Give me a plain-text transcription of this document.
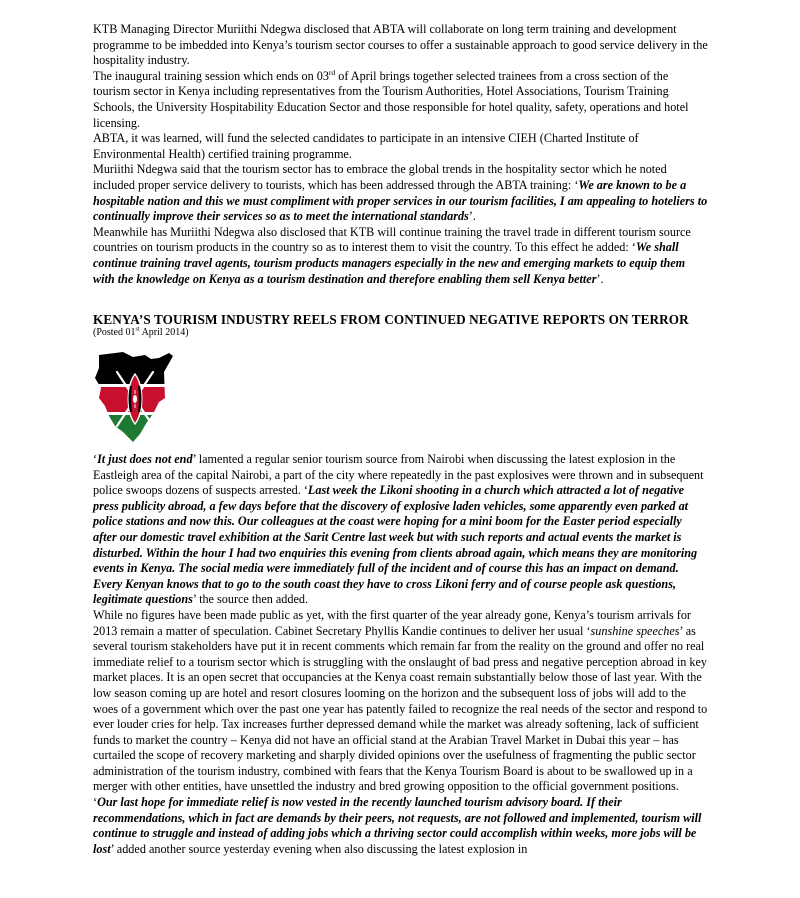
KTB Managing Director Muriithi Ndegwa disclosed that ABTA will collaborate on long term training and development programme to be imbedded into Kenya’s tourism sector courses to offer a sustainable approach to good service delivery in the hospitality industry.

The inaugural training session which ends on 03rd of April brings together selected trainees from a cross section of the tourism sector in Kenya including representatives from the Tourism Authorities, Hotel Associations, Tourism Training Schools, the University Hospitability Education Sector and those responsible for hotel quality, safety, operations and hotel licensing.

ABTA, it was learned, will fund the selected candidates to participate in an intensive CIEH (Charted Institute of Environmental Health) certified training programme.

Muriithi Ndegwa said that the tourism sector has to embrace the global trends in the hospitality sector which he noted included proper service delivery to tourists, which has been addressed through the ABTA training: ‘We are known to be a hospitable nation and this we must compliment with proper services in our tourism facilities, I am appealing to hoteliers to continually improve their services so as to meet the international standards’.

Meanwhile has Muriithi Ndegwa also disclosed that KTB will continue training the travel trade in different tourism source countries on tourism products in the country so as to interest them to visit the country. To this effect he added: ‘We shall continue training travel agents, tourism products managers especially in the new and emerging markets to equip them with the knowledge on Kenya as a tourism destination and therefore enabling them sell Kenya better’.

KENYA’S TOURISM INDUSTRY REELS FROM CONTINUED NEGATIVE REPORTS ON TERROR
(Posted 01st April 2014)

‘It just does not end’ lamented a regular senior tourism source from Nairobi when discussing the latest explosion in the Eastleigh area of the capital Nairobi, a part of the city where repeatedly in the past explosives were thrown and in subsequent police swoops dozens of suspects arrested. ‘Last week the Likoni shooting in a church which attracted a lot of negative press publicity abroad, a few days before that the discovery of explosive laden vehicles, some apparently even parked at police stations and now this. Our colleagues at the coast were hoping for a mini boom for the Easter period especially after our domestic travel exhibition at the Sarit Centre last week but with such reports and actual events the market is disturbed. Within the hour I had two enquiries this evening from clients abroad again, which means they are monitoring events in Kenya. The social media were immediately full of the incident and of course this has an impact on demand. Every Kenyan knows that to go to the south coast they have to cross Likoni ferry and of course people ask questions, legitimate questions’ the source then added.

While no figures have been made public as yet, with the first quarter of the year already gone, Kenya’s tourism arrivals for 2013 remain a matter of speculation. Cabinet Secretary Phyllis Kandie continues to deliver her usual ‘sunshine speeches’ as several tourism stakeholders have put it in recent comments which remain far from the reality on the ground and offer no real immediate relief to a tourism sector which is struggling with the onslaught of bad press and negative perception abroad in key market places. It is an open secret that occupancies at the Kenya coast remain substantially below those of last year. With the low season coming up are hotel and resort closures looming on the horizon and the subsequent loss of jobs will add to the woes of a government which over the past one year has patently failed to recognize the real needs of the sector and respond to ever louder cries for help. Tax increases further depressed demand while the market was already softening, lack of sufficient funds to market the country – Kenya did not have an official stand at the Arabian Travel Market in Dubai this year – has curtailed the scope of recovery marketing and sharply divided opinions over the usefulness of fragmenting the public sector administration of the tourism industry, combined with fears that the Kenya Tourism Board is about to be swallowed up in a merger with other entities, have unsettled the industry and bred growing opposition to the official government positions.

‘Our last hope for immediate relief is now vested in the recently launched tourism advisory board. If their recommendations, which in fact are demands by their peers, not requests, are not followed and implemented, tourism will continue to struggle and instead of adding jobs which a thriving sector could accomplish within weeks, more jobs will be lost’ added another source yesterday evening when also discussing the latest explosion in
